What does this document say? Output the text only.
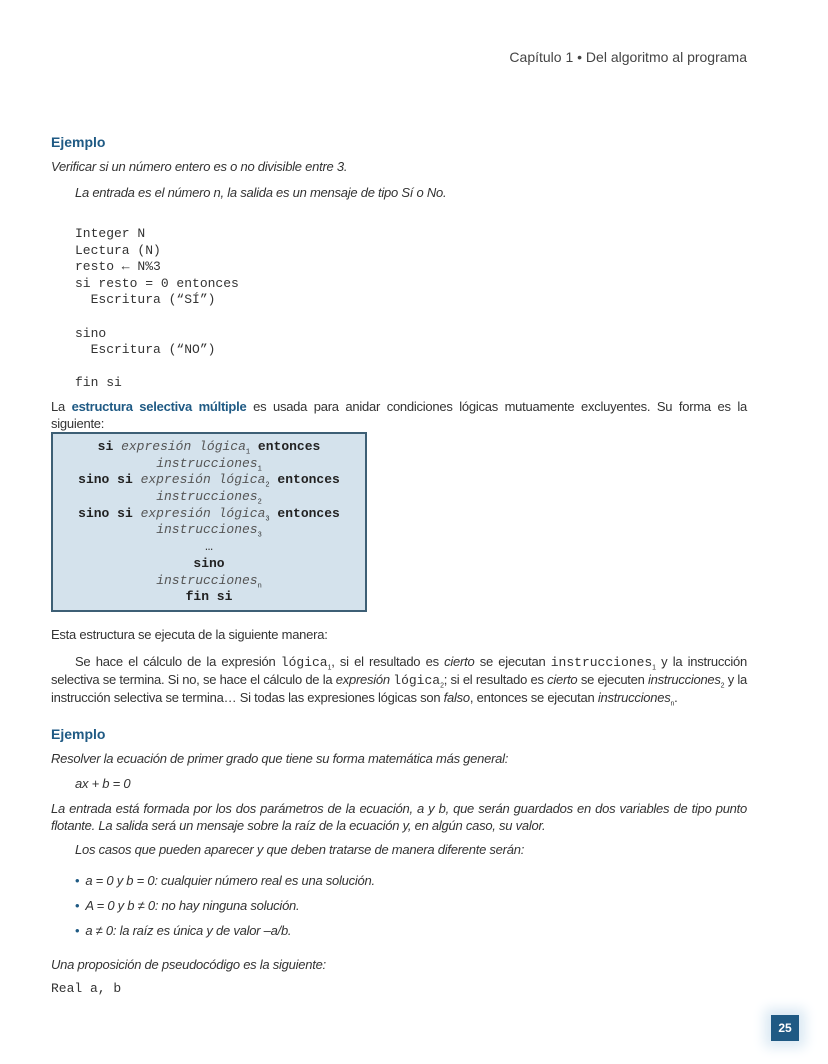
Capítulo 1 • Del algoritmo al programa
Ejemplo
Verificar si un número entero es o no divisible entre 3.
La entrada es el número n, la salida es un mensaje de tipo Sí o No.
Integer N
Lectura (N)
resto ← N%3
si resto = 0 entonces
Escritura (“SÍ”)
sino
Escritura (“NO”)
fin si
La estructura selectiva múltiple es usada para anidar condiciones lógicas mutuamente excluyentes. Su forma es la siguiente:
si expresión lógica$_1$ entonces
instrucciones$_1$
sino si expresión lógica$_2$ entonces
instrucciones$_2$
sino si expresión lógica$_3$ entonces
instrucciones$_3$
…
sino
instrucciones$_n$
fin si
Esta estructura se ejecuta de la siguiente manera:
Se hace el cálculo de la expresión lógica$_1$, si el resultado es cierto se ejecutan instrucciones$_1$ y la instrucción selectiva se termina. Si no, se hace el cálculo de la expresión lógica$_2$; si el resultado es cierto se ejecuten instrucciones$_2$ y la instrucción selectiva se termina… Si todas las expresiones lógicas son falso, entonces se ejecutan instrucciones$_n$.
Ejemplo
Resolver la ecuación de primer grado que tiene su forma matemática más general:
ax + b = 0
La entrada está formada por los dos parámetros de la ecuación, a y b, que serán guardados en dos variables de tipo punto flotante. La salida será un mensaje sobre la raíz de la ecuación y, en algún caso, su valor.
Los casos que pueden aparecer y que deben tratarse de manera diferente serán:
• a = 0 y b = 0: cualquier número real es una solución.
• A = 0 y b ≠ 0: no hay ninguna solución.
• a ≠ 0: la raíz es única y de valor –a/b.
Una proposición de pseudocódigo es la siguiente:
Real a, b
25
